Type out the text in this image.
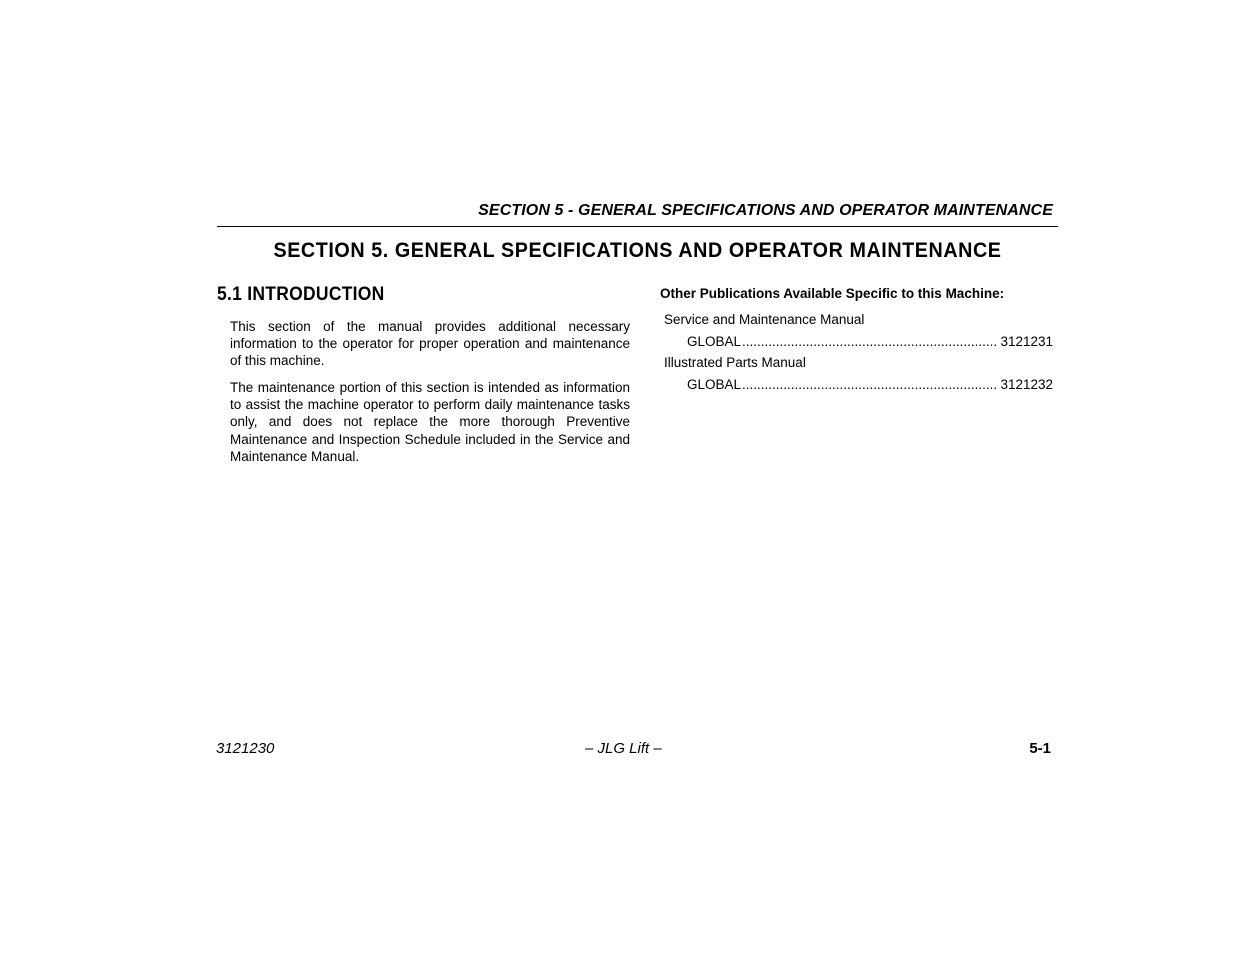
SECTION 5 - GENERAL SPECIFICATIONS AND OPERATOR MAINTENANCE
SECTION 5. GENERAL SPECIFICATIONS AND OPERATOR MAINTENANCE
5.1 INTRODUCTION

This section of the manual provides additional necessary information to the operator for proper operation and maintenance of this machine.

The maintenance portion of this section is intended as information to assist the machine operator to perform daily maintenance tasks only, and does not replace the more thorough Preventive Maintenance and Inspection Schedule included in the Service and Maintenance Manual.

Other Publications Available Specific to this Machine:
Service and Maintenance Manual
GLOBAL .....	3121231
Illustrated Parts Manual
GLOBAL .....	3121232
3121230	– JLG Lift –	5-1
